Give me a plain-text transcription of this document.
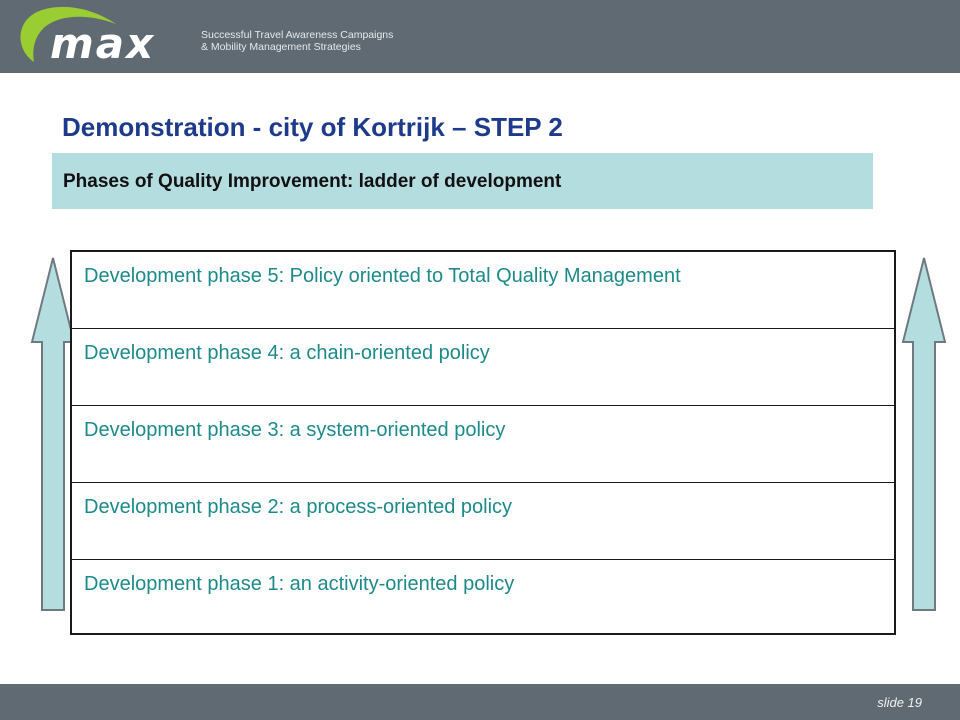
max	Successful Travel Awareness Campaigns
& Mobility Management Strategies
Demonstration - city of Kortrijk – STEP 2

Phases of Quality Improvement: ladder of development

Development phase 5: Policy oriented to Total Quality Management
Development phase 4: a chain-oriented policy
Development phase 3: a system-oriented policy
Development phase 2: a process-oriented policy
Development phase 1: an activity-oriented policy
slide 19
